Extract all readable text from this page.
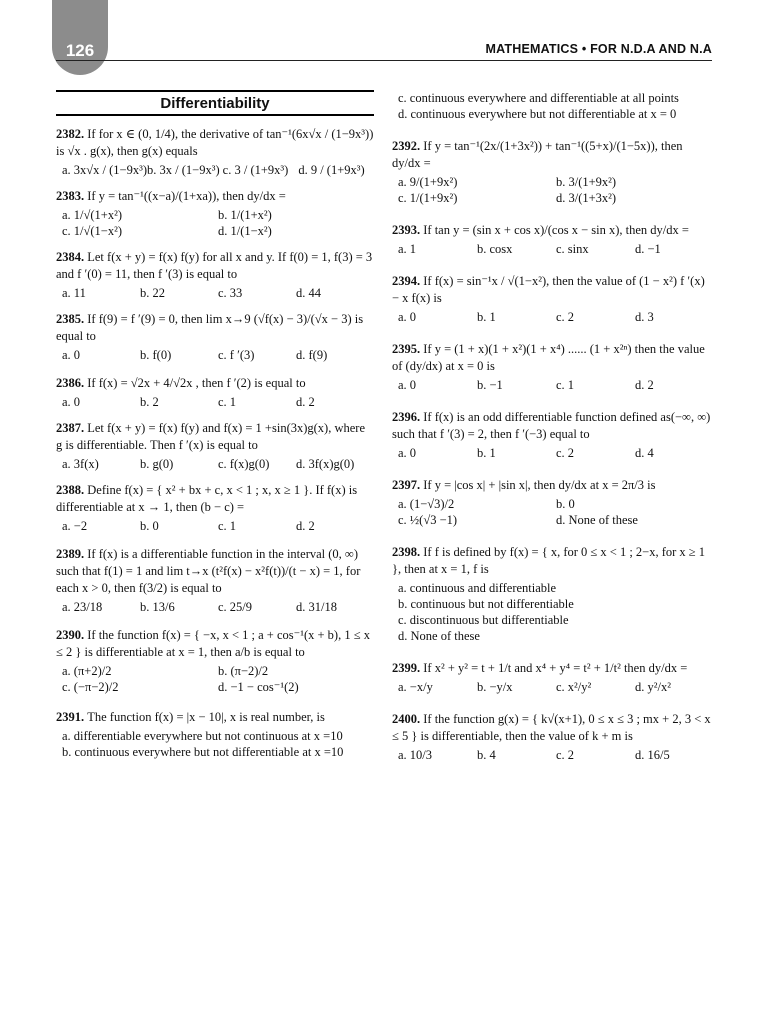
126	MATHEMATICS • FOR N.D.A AND N.A
Differentiability
2382. If for x ∈ (0, 1/4), the derivative of tan⁻¹(6x√x / (1−9x³)) is √x . g(x), then g(x) equals
a. 3x√x / (1−9x³) b. 3x / (1−9x³) c. 3 / (1+9x³) d. 9 / (1+9x³)
2383. If y = tan⁻¹((x−a)/(1+xa)), then dy/dx =
a. 1/√(1+x²)	b. 1/(1+x²)
c. 1/√(1−x²)	d. 1/(1−x²)
2384. Let f(x + y) = f(x) f(y) for all x and y. If f(0) = 1, f(3) = 3 and f ′(0) = 11, then f ′(3) is equal to
a. 11	b. 22	c. 33	d. 44
2385. If f(9) = f ′(9) = 0, then lim x→9 (√f(x) − 3)/(√x − 3) is equal to
a. 0	b. f(0)	c. f ′(3)	d. f(9)
2386. If f(x) = √2x + 4/√2x , then f ′(2) is equal to
a. 0	b. 2	c. 1	d. 2
2387. Let f(x + y) = f(x) f(y) and f(x) = 1 +sin(3x)g(x), where g is differentiable. Then f ′(x) is equal to
a. 3f(x)	b. g(0)	c. f(x)g(0)	d. 3f(x)g(0)
2388. Define f(x) = { x² + bx + c, x < 1 ; x, x ≥ 1 }. If f(x) is differentiable at x → 1, then (b − c) =
a. −2	b. 0	c. 1	d. 2
2389. If f(x) is a differentiable function in the interval (0, ∞) such that f(1) = 1 and lim t→x (t²f(x) − x²f(t))/(t − x) = 1, for each x > 0, then f(3/2) is equal to
a. 23/18	b. 13/6	c. 25/9	d. 31/18
2390. If the function f(x) = { −x, x < 1 ; a + cos⁻¹(x + b), 1 ≤ x ≤ 2 } is differentiable at x = 1, then a/b is equal to
a. (π+2)/2	b. (π−2)/2
c. (−π−2)/2	d. −1 − cos⁻¹(2)
2391. The function f(x) = |x − 10|, x is real number, is
a. differentiable everywhere but not continuous at x =10
b. continuous everywhere but not differentiable at x =10
c. continuous everywhere and differentiable at all points
d. continuous everywhere but not differentiable at x = 0
2392. If y = tan⁻¹(2x/(1+3x²)) + tan⁻¹((5+x)/(1−5x)), then dy/dx =
a. 9/(1+9x²)	b. 3/(1+9x²)
c. 1/(1+9x²)	d. 3/(1+3x²)
2393. If tan y = (sin x + cos x)/(cos x − sin x), then dy/dx =
a. 1	b. cosx	c. sinx	d. −1
2394. If f(x) = sin⁻¹x / √(1−x²), then the value of (1 − x²) f ′(x) − x f(x) is
a. 0	b. 1	c. 2	d. 3
2395. If y = (1 + x)(1 + x²)(1 + x⁴) ...... (1 + x²ⁿ) then the value of (dy/dx) at x = 0 is
a. 0	b. −1	c. 1	d. 2
2396. If f(x) is an odd differentiable function defined as(−∞, ∞) such that f ′(3) = 2, then f ′(−3) equal to
a. 0	b. 1	c. 2	d. 4
2397. If y = |cos x| + |sin x|, then dy/dx at x = 2π/3 is
a. (1−√3)/2	b. 0
c. ½(√3 −1)	d. None of these
2398. If f is defined by f(x) = { x, for 0 ≤ x < 1 ; 2−x, for x ≥ 1 }, then at x = 1, f is
a. continuous and differentiable
b. continuous but not differentiable
c. discontinuous but differentiable
d. None of these
2399. If x² + y² = t + 1/t and x⁴ + y⁴ = t² + 1/t² then dy/dx =
a. −x/y	b. −y/x	c. x²/y²	d. y²/x²
2400. If the function g(x) = { k√(x+1), 0 ≤ x ≤ 3 ; mx + 2, 3 < x ≤ 5 } is differentiable, then the value of k + m is
a. 10/3	b. 4	c. 2	d. 16/5
